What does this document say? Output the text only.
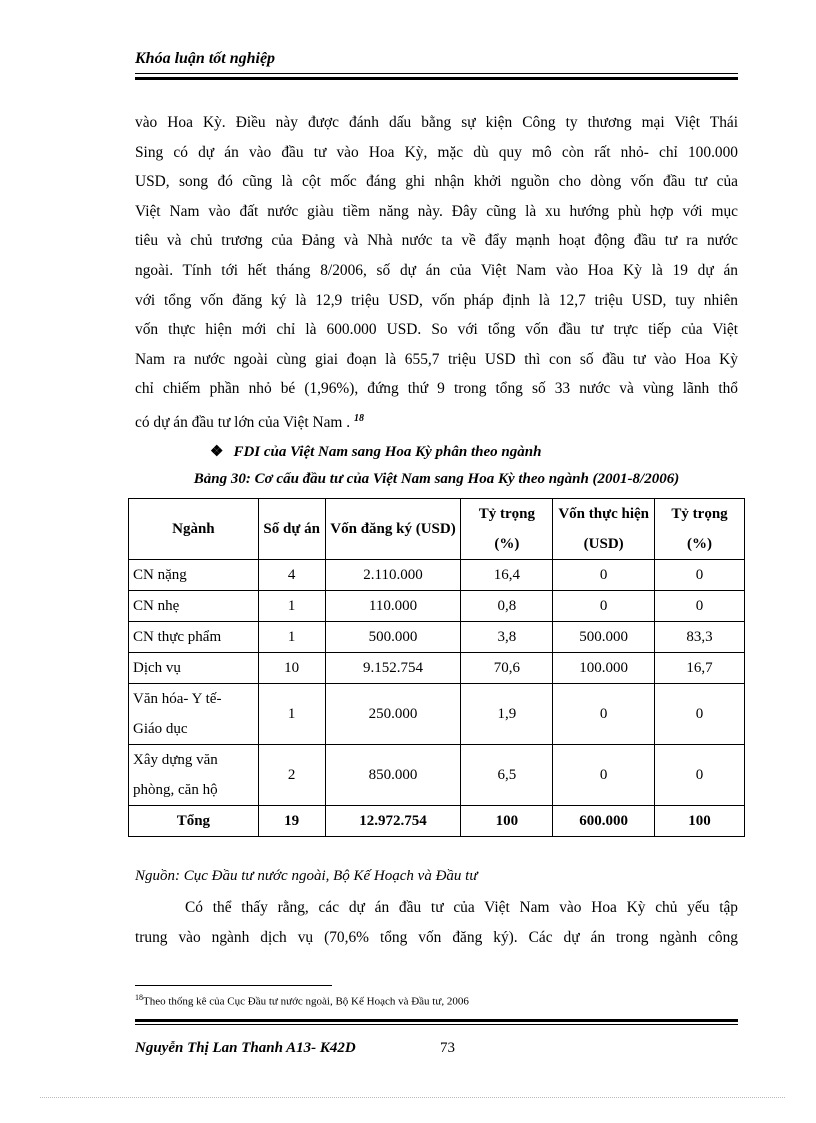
Khóa luận tốt nghiệp
vào Hoa Kỳ. Điều này được đánh dấu bằng sự kiện Công ty thương mại Việt Thái
Sing có dự án vào đầu tư vào Hoa Kỳ, mặc dù quy mô còn rất nhỏ- chỉ 100.000
USD, song đó cũng là cột mốc đáng ghi nhận khởi nguồn cho dòng vốn đầu tư của
Việt Nam vào đất nước giàu tiềm năng này. Đây cũng là xu hướng phù hợp với mục
tiêu và chủ trương của Đảng và Nhà nước ta về đẩy mạnh hoạt động đầu tư ra nước
ngoài. Tính tới hết tháng 8/2006, số dự án của Việt Nam vào Hoa Kỳ là 19 dự án
với tổng vốn đăng ký là 12,9 triệu USD, vốn pháp định là 12,7 triệu USD, tuy nhiên
vốn thực hiện mới chỉ là 600.000 USD. So với tổng vốn đầu tư trực tiếp của Việt
Nam ra nước ngoài cùng giai đoạn là 655,7 triệu USD thì con số đầu tư vào Hoa Kỳ
chỉ chiếm phần nhỏ bé (1,96%), đứng thứ 9 trong tổng số 33 nước và vùng lãnh thổ
có dự án đầu tư lớn của Việt Nam . $^{18}$
❖ FDI của Việt Nam sang Hoa Kỳ phân theo ngành
Bảng 30: Cơ cấu đầu tư của Việt Nam sang Hoa Kỳ theo ngành (2001-8/2006)
Ngành	Số dự án	Vốn đăng ký (USD)	Tỷ trọng (%)	Vốn thực hiện (USD)	Tỷ trọng (%)
CN nặng	4	2.110.000	16,4	0	0
CN nhẹ	1	110.000	0,8	0	0
CN thực phẩm	1	500.000	3,8	500.000	83,3
Dịch vụ	10	9.152.754	70,6	100.000	16,7
Văn hóa- Y tế- Giáo dục	1	250.000	1,9	0	0
Xây dựng văn phòng, căn hộ	2	850.000	6,5	0	0
Tổng	19	12.972.754	100	600.000	100
Nguồn: Cục Đầu tư nước ngoài, Bộ Kế Hoạch và Đầu tư
Có thể thấy rằng, các dự án đầu tư của Việt Nam vào Hoa Kỳ chủ yếu tập
trung vào ngành dịch vụ (70,6% tổng vốn đăng ký). Các dự án trong ngành công
$^{18}$Theo thống kê của Cục Đầu tư nước ngoài, Bộ Kế Hoạch và Đầu tư, 2006
Nguyễn Thị Lan Thanh A13- K42D	73
